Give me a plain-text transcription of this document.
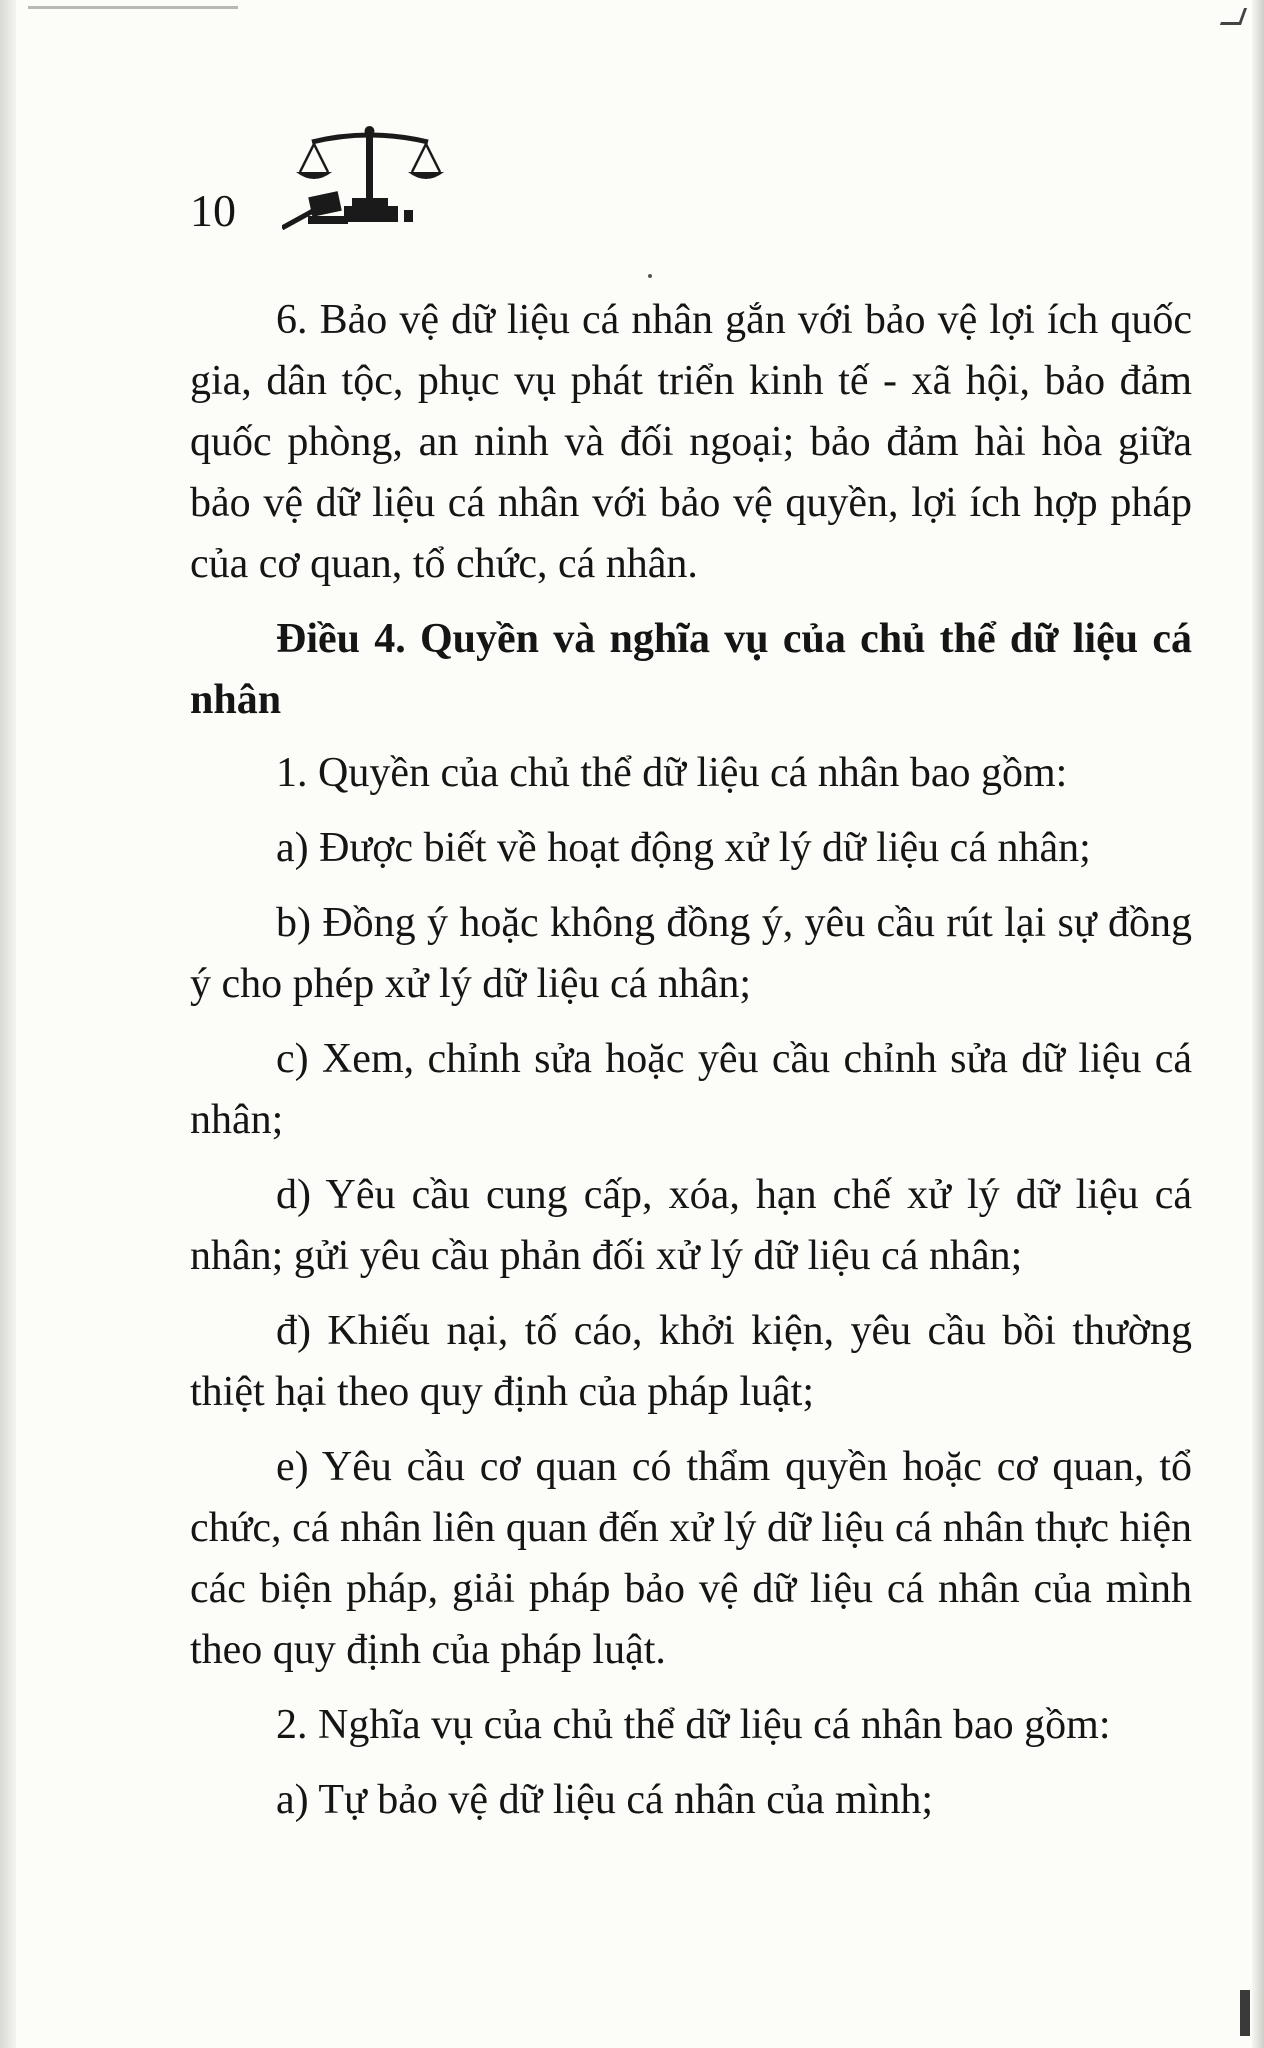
10

6. Bảo vệ dữ liệu cá nhân gắn với bảo vệ lợi ích quốc gia, dân tộc, phục vụ phát triển kinh tế - xã hội, bảo đảm quốc phòng, an ninh và đối ngoại; bảo đảm hài hòa giữa bảo vệ dữ liệu cá nhân với bảo vệ quyền, lợi ích hợp pháp của cơ quan, tổ chức, cá nhân.

Điều 4. Quyền và nghĩa vụ của chủ thể dữ liệu cá nhân

1. Quyền của chủ thể dữ liệu cá nhân bao gồm:

a) Được biết về hoạt động xử lý dữ liệu cá nhân;

b) Đồng ý hoặc không đồng ý, yêu cầu rút lại sự đồng ý cho phép xử lý dữ liệu cá nhân;

c) Xem, chỉnh sửa hoặc yêu cầu chỉnh sửa dữ liệu cá nhân;

d) Yêu cầu cung cấp, xóa, hạn chế xử lý dữ liệu cá nhân; gửi yêu cầu phản đối xử lý dữ liệu cá nhân;

đ) Khiếu nại, tố cáo, khởi kiện, yêu cầu bồi thường thiệt hại theo quy định của pháp luật;

e) Yêu cầu cơ quan có thẩm quyền hoặc cơ quan, tổ chức, cá nhân liên quan đến xử lý dữ liệu cá nhân thực hiện các biện pháp, giải pháp bảo vệ dữ liệu cá nhân của mình theo quy định của pháp luật.

2. Nghĩa vụ của chủ thể dữ liệu cá nhân bao gồm:

a) Tự bảo vệ dữ liệu cá nhân của mình;
